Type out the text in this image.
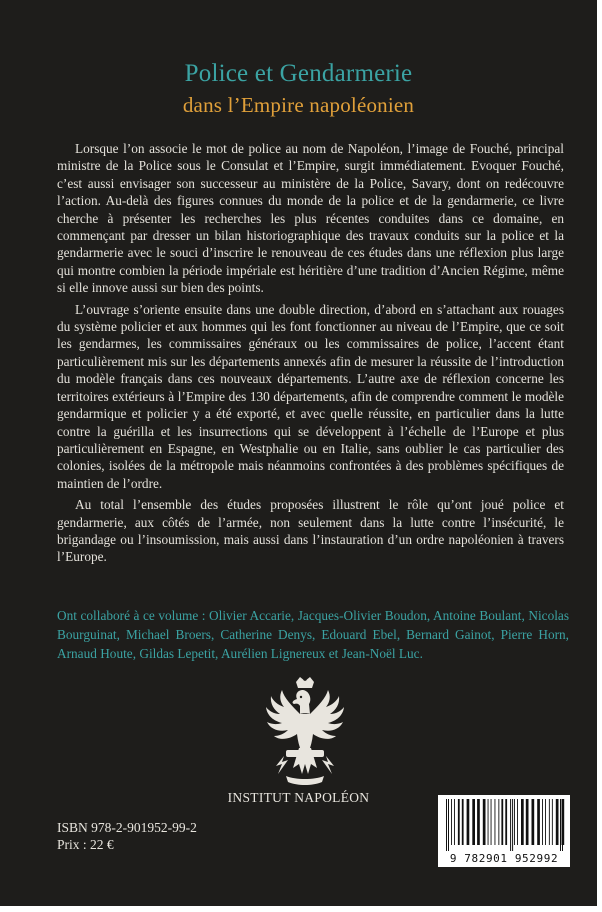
Police et Gendarmerie
dans l’Empire napoléonien

Lorsque l’on associe le mot de police au nom de Napoléon, l’image de Fouché, principal ministre de la Police sous le Consulat et l’Empire, surgit immédiatement. Evoquer Fouché, c’est aussi envisager son successeur au ministère de la Police, Savary, dont on redécouvre l’action. Au-delà des figures connues du monde de la police et de la gendarmerie, ce livre cherche à présenter les recherches les plus récentes conduites dans ce domaine, en commençant par dresser un bilan historiographique des travaux conduits sur la police et la gendarmerie avec le souci d’inscrire le renouveau de ces études dans une réflexion plus large qui montre combien la période impériale est héritière d’une tradition d’Ancien Régime, même si elle innove aussi sur bien des points.

L’ouvrage s’oriente ensuite dans une double direction, d’abord en s’attachant aux rouages du système policier et aux hommes qui les font fonctionner au niveau de l’Empire, que ce soit les gendarmes, les commissaires généraux ou les commissaires de police, l’accent étant particulièrement mis sur les départements annexés afin de mesurer la réussite de l’introduction du modèle français dans ces nouveaux départements. L’autre axe de réflexion concerne les territoires extérieurs à l’Empire des 130 départements, afin de comprendre comment le modèle gendarmique et policier y a été exporté, et avec quelle réussite, en particulier dans la lutte contre la guérilla et les insurrections qui se développent à l’échelle de l’Europe et plus particulièrement en Espagne, en Westphalie ou en Italie, sans oublier le cas particulier des colonies, isolées de la métropole mais néanmoins confrontées à des problèmes spécifiques de maintien de l’ordre.

Au total l’ensemble des études proposées illustrent le rôle qu’ont joué police et gendarmerie, aux côtés de l’armée, non seulement dans la lutte contre l’insécurité, le brigandage ou l’insoumission, mais aussi dans l’instauration d’un ordre napoléonien à travers l’Europe.

Ont collaboré à ce volume : Olivier Accarie, Jacques-Olivier Boudon, Antoine Boulant, Nicolas Bourguinat, Michael Broers, Catherine Denys, Edouard Ebel, Bernard Gainot, Pierre Horn, Arnaud Houte, Gildas Lepetit, Aurélien Lignereux et Jean-Noël Luc.
INSTITUT NAPOLÉON
ISBN 978-2-901952-99-2
Prix : 22 €
9 782901 952992
